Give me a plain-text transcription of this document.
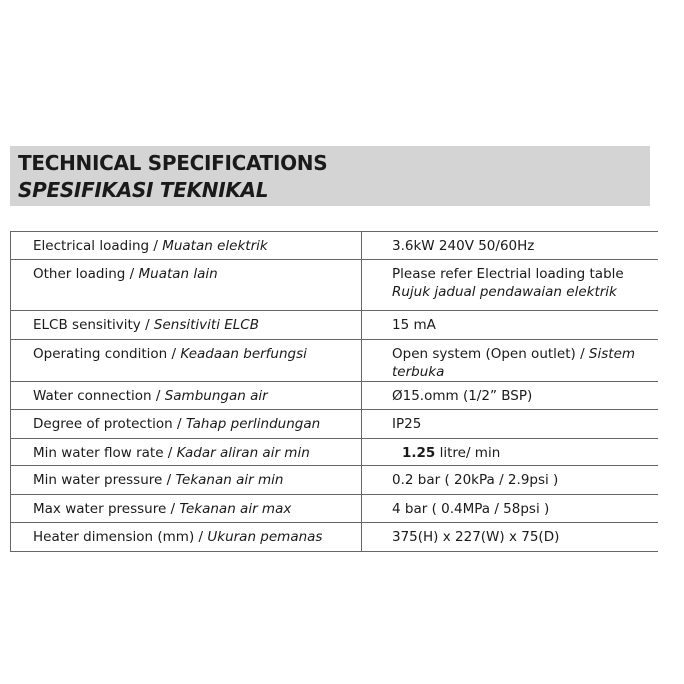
TECHNICAL SPECIFICATIONS
SPESIFIKASI TEKNIKAL
Electrical loading / Muatan elektrik	3.6kW 240V 50/60Hz
Other loading / Muatan lain	Please refer Electrial loading table
Rujuk jadual pendawaian elektrik
ELCB sensitivity / Sensitiviti ELCB	15 mA
Operating condition / Keadaan berfungsi	Open system (Open outlet) / Sistem terbuka
Water connection / Sambungan air	Ø15.omm (1/2” BSP)
Degree of protection / Tahap perlindungan	IP25
Min water flow rate / Kadar aliran air min	1.25 litre/ min
Min water pressure / Tekanan air min	0.2 bar ( 20kPa / 2.9psi )
Max water pressure / Tekanan air max	4 bar ( 0.4MPa / 58psi )
Heater dimension (mm) / Ukuran pemanas	375(H) x 227(W) x 75(D)
